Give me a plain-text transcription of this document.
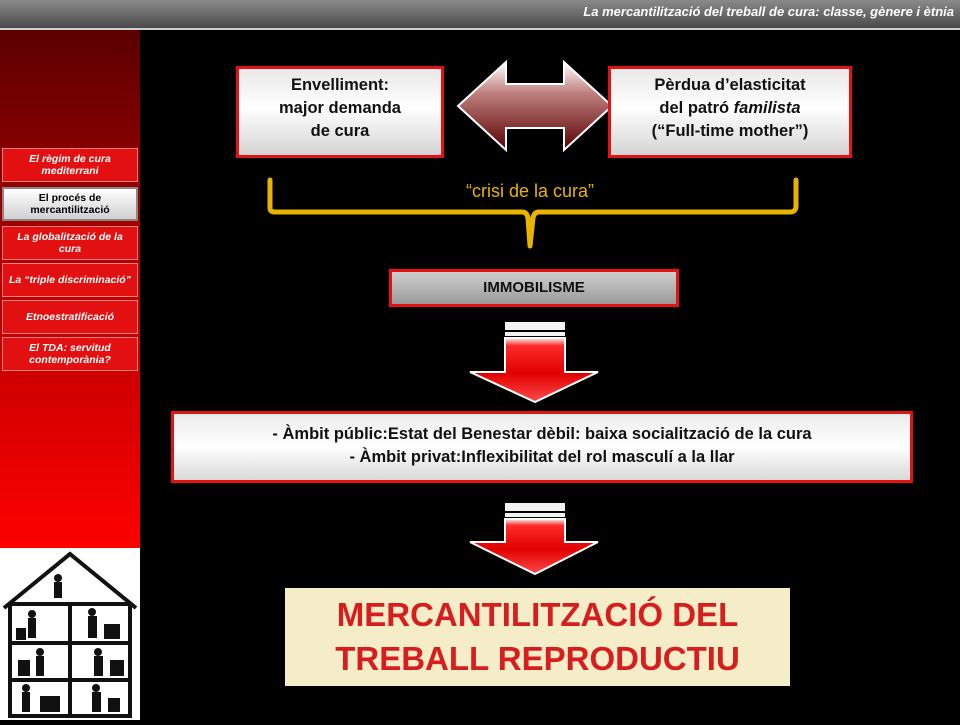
La mercantilització del treball de cura: classe, gènere i ètnia
El règim de cura mediterrani
El procés de mercantilització
La globalització de la cura
La “triple discriminació”
Etnoestratificació
El TDA: servitud contemporània?
Envelliment:
major demanda
de cura
Pèrdua d’elasticitat
del patró familista
(“Full-time mother”)
“crisi de la cura”
IMMOBILISME
- Àmbit públic:Estat del Benestar dèbil: baixa socialització de la cura
- Àmbit privat:Inflexibilitat del rol masculí a la llar
MERCANTILITZACIÓ DEL
TREBALL REPRODUCTIU
